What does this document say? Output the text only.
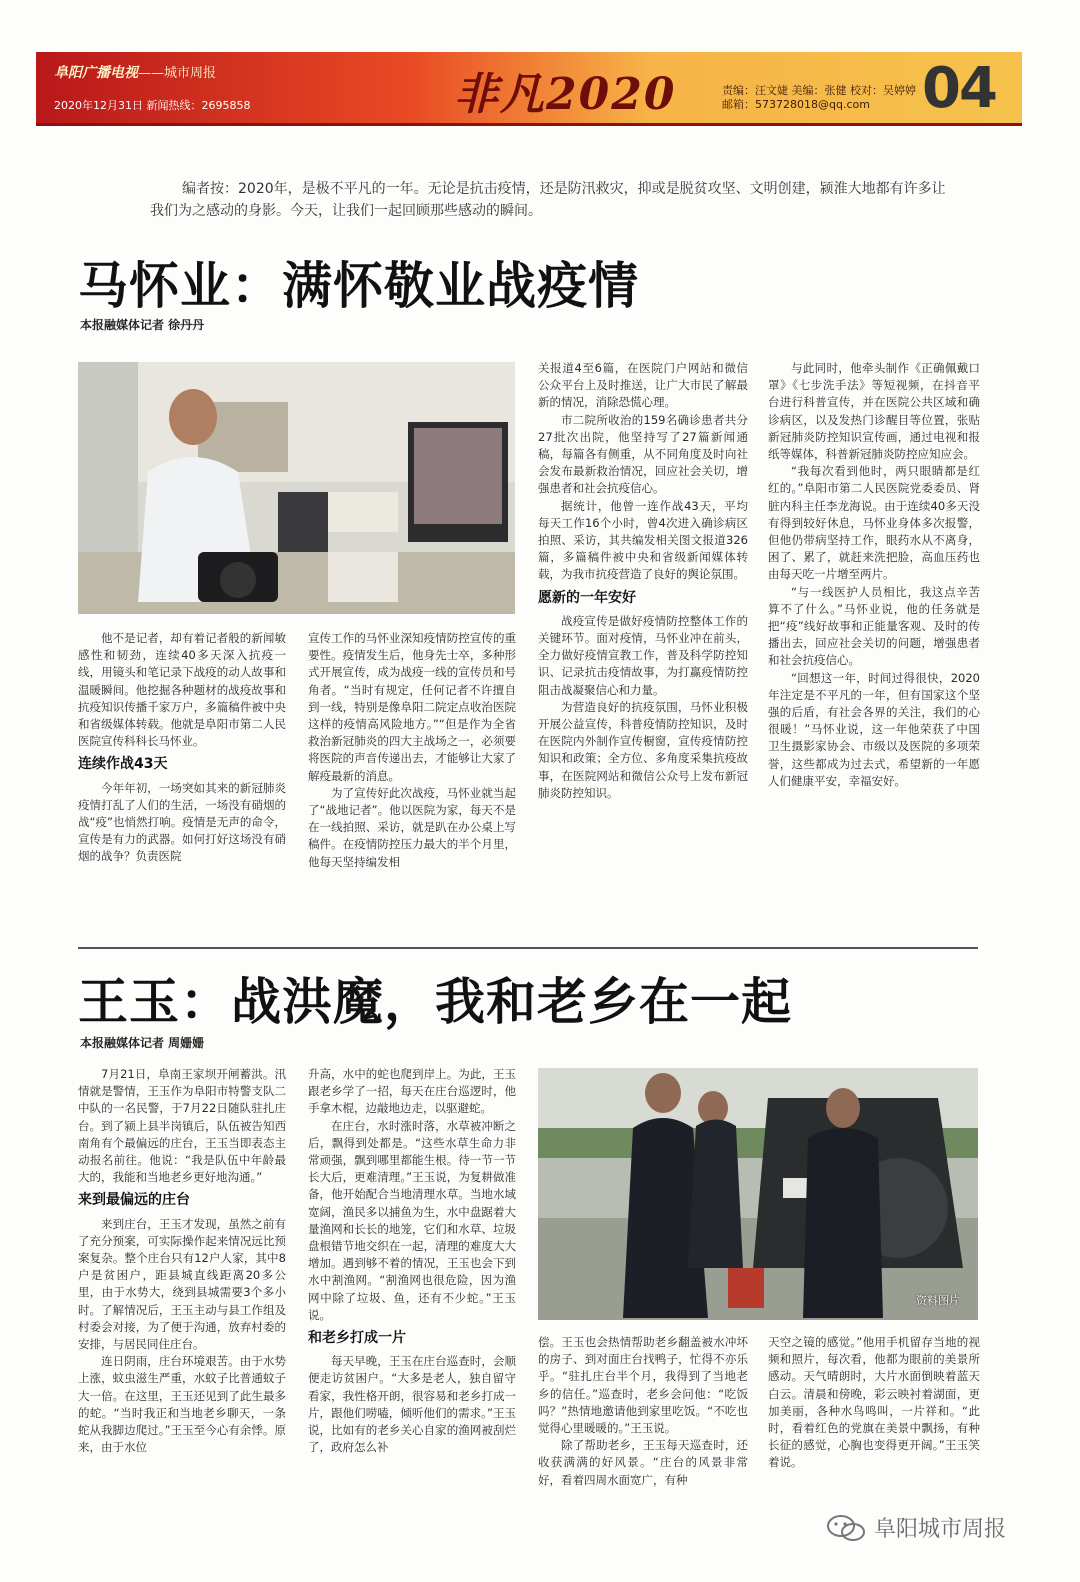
阜阳广播电视——城市周报
2020年12月31日 新闻热线：2695858	非凡2020	责编：汪文婕 美编：张健 校对：吴婷婷
邮箱：573728018@qq.com 04
编者按：2020年，是极不平凡的一年。无论是抗击疫情，还是防汛救灾，抑或是脱贫攻坚、文明创建，颍淮大地都有许多让我们为之感动的身影。今天，让我们一起回顾那些感动的瞬间。
马怀业：满怀敬业战疫情
本报融媒体记者 徐丹丹

他不是记者，却有着记者般的新闻敏感性和韧劲，连续40多天深入抗疫一线，用镜头和笔记录下战疫的动人故事和温暖瞬间。他挖掘各种题材的战疫故事和抗疫知识传播千家万户，多篇稿件被中央和省级媒体转载。他就是阜阳市第二人民医院宣传科科长马怀业。

连续作战43天

今年年初，一场突如其来的新冠肺炎疫情打乱了人们的生活，一场没有硝烟的战“疫”也悄然打响。疫情是无声的命令，宣传是有力的武器。如何打好这场没有硝烟的战争？负责医院

宣传工作的马怀业深知疫情防控宣传的重要性。疫情发生后，他身先士卒，多种形式开展宣传，成为战疫一线的宣传员和号角者。“当时有规定，任何记者不许擅自到一线，特别是像阜阳二院定点收治医院这样的疫情高风险地方。”“但是作为全省救治新冠肺炎的四大主战场之一，必须要将医院的声音传递出去，才能够让大家了解疫最新的消息。

为了宣传好此次战疫，马怀业就当起了“战地记者”。他以医院为家，每天不是在一线拍照、采访，就是趴在办公桌上写稿件。在疫情防控压力最大的半个月里，他每天坚持编发相

关报道4至6篇，在医院门户网站和微信公众平台上及时推送，让广大市民了解最新的情况，消除恐慌心理。

市二院所收治的159名确诊患者共分27批次出院，他坚持写了27篇新闻通稿，每篇各有侧重，从不同角度及时向社会发布最新救治情况，回应社会关切，增强患者和社会抗疫信心。

据统计，他曾一连作战43天，平均每天工作16个小时，曾4次进入确诊病区拍照、采访，其共编发相关图文报道326篇，多篇稿件被中央和省级新闻媒体转载，为我市抗疫营造了良好的舆论氛围。

愿新的一年安好

战疫宣传是做好疫情防控整体工作的关键环节。面对疫情，马怀业冲在前头，全力做好疫情宣教工作，普及科学防控知识、记录抗击疫情故事，为打赢疫情防控阻击战凝聚信心和力量。

为营造良好的抗疫氛围，马怀业积极开展公益宣传，科普疫情防控知识，及时在医院内外制作宣传橱窗，宣传疫情防控知识和政策；全方位、多角度采集抗疫故事，在医院网站和微信公众号上发布新冠肺炎防控知识。

与此同时，他牵头制作《正确佩戴口罩》《七步洗手法》等短视频，在抖音平台进行科普宣传，并在医院公共区域和确诊病区，以及发热门诊醒目等位置，张贴新冠肺炎防控知识宣传画，通过电视和报纸等媒体，科普新冠肺炎防控应知应会。

“我每次看到他时，两只眼睛都是红红的。”阜阳市第二人民医院党委委员、肾脏内科主任李龙海说。由于连续40多天没有得到较好休息，马怀业身体多次报警，但他仍带病坚持工作，眼药水从不离身，困了、累了，就赶来洗把脸，高血压药也由每天吃一片增至两片。

“与一线医护人员相比，我这点辛苦算不了什么。”马怀业说，他的任务就是把“疫”线好故事和正能量客观、及时的传播出去，回应社会关切的问题，增强患者和社会抗疫信心。

“回想这一年，时间过得很快，2020年注定是不平凡的一年，但有国家这个坚强的后盾，有社会各界的关注，我们的心很暖！”马怀业说，这一年他荣获了中国卫生摄影家协会、市级以及医院的多项荣誉，这些都成为过去式，希望新的一年愿人们健康平安，幸福安好。

王玉：战洪魔，我和老乡在一起
本报融媒体记者 周姗姗

7月21日，阜南王家坝开闸蓄洪。汛情就是警情，王玉作为阜阳市特警支队二中队的一名民警，于7月22日随队驻扎庄台。到了颍上县半岗镇后，队伍被告知西南角有个最偏远的庄台，王玉当即表态主动报名前往。他说：“我是队伍中年龄最大的，我能和当地老乡更好地沟通。”

来到最偏远的庄台

来到庄台，王玉才发现，虽然之前有了充分预案，可实际操作起来情况远比预案复杂。整个庄台只有12户人家，其中8户是贫困户，距县城直线距离20多公里，由于水势大，绕到县城需要3个多小时。了解情况后，王玉主动与县工作组及村委会对接，为了便于沟通，放弃村委的安排，与居民同住庄台。

连日阴雨，庄台环境艰苦。由于水势上涨，蚊虫滋生严重，水蚊子比普通蚊子大一倍。在这里，王玉还见到了此生最多的蛇。“当时我正和当地老乡聊天，一条蛇从我脚边爬过。”王玉至今心有余悸。原来，由于水位

升高，水中的蛇也爬到岸上。为此，王玉跟老乡学了一招，每天在庄台巡逻时，他手拿木棍，边敲地边走，以驱避蛇。

在庄台，水时涨时落，水草被冲断之后，飘得到处都是。“这些水草生命力非常顽强，飘到哪里都能生根。待一节一节长大后，更难清理。”王玉说，为复耕做准备，他开始配合当地清理水草。当地水域宽阔，渔民多以捕鱼为生，水中盘踞着大量渔网和长长的地笼，它们和水草、垃圾盘根错节地交织在一起，清理的难度大大增加。遇到够不着的情况，王玉也会下到水中割渔网。“割渔网也很危险，因为渔网中除了垃圾、鱼，还有不少蛇。”王玉说。

和老乡打成一片

每天早晚，王玉在庄台巡查时，会顺便走访贫困户。“大多是老人，独自留守看家，我性格开朗，很容易和老乡打成一片，跟他们唠嗑，倾听他们的需求。”王玉说，比如有的老乡关心自家的渔网被刮烂了，政府怎么补

资料图片

偿。王玉也会热情帮助老乡翻盖被水冲坏的房子、到对面庄台找鸭子，忙得不亦乐乎。“驻扎庄台半个月，我得到了当地老乡的信任。”巡查时，老乡会问他：“吃饭吗？”热情地邀请他到家里吃饭。“不吃也觉得心里暖暖的。”王玉说。

除了帮助老乡，王玉每天巡查时，还收获满满的好风景。“庄台的风景非常好，看着四周水面宽广，有种

天空之镜的感觉。”他用手机留存当地的视频和照片，每次看，他都为眼前的美景所感动。天气晴朗时，大片水面倒映着蓝天白云。清晨和傍晚，彩云映衬着湖面，更加美丽，各种水鸟鸣叫，一片祥和。“此时，看着红色的党旗在美景中飘扬，有种长征的感觉，心胸也变得更开阔。”王玉笑着说。

阜阳城市周报
